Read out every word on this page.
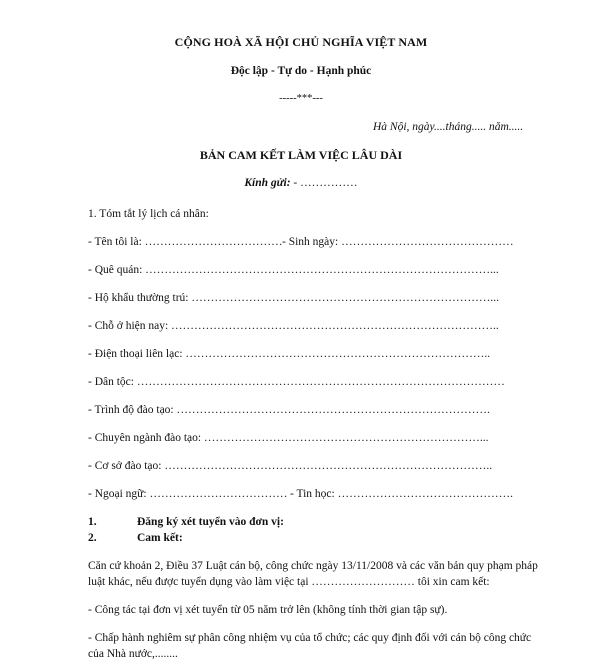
CỘNG HOÀ XÃ HỘI CHỦ NGHĨA VIỆT NAM
Độc lập - Tự do - Hạnh phúc
-----***---
Hà Nội, ngày....tháng..... năm.....
BẢN CAM KẾT LÀM VIỆC LÂU DÀI
Kính gửi: - ……………
1. Tóm tắt lý lịch cá nhân:
- Tên tôi là: ……………………………… - Sinh ngày: ………………………………………
- Quê quán: ………………………………………………………………………………...
- Hộ khẩu thường trú: ……………………………………………………………………...
- Chỗ ở hiện nay: …………………………………………………………………………..
- Điện thoại liên lạc: ……………………………………………………………………..
- Dân tộc: ……………………………………………………………………………………
- Trình độ đào tạo: ……………………………………………………………………….
- Chuyên ngành đào tạo: ………………………………………………………………...
- Cơ sở đào tạo: …………………………………………………………………………..
- Ngoại ngữ: ……………………………… - Tin học: ……………………………………….
1.	Đăng ký xét tuyển vào đơn vị:
2.	Cam kết:
Căn cứ khoản 2, Điều 37 Luật cán bộ, công chức ngày 13/11/2008 và các văn bản quy phạm pháp
luật khác, nếu được tuyển dụng vào làm việc tại ……………………… tôi xin cam kết:
- Công tác tại đơn vị xét tuyển từ 05 năm trở lên (không tính thời gian tập sự).
- Chấp hành nghiêm sự phân công nhiệm vụ của tổ chức; các quy định đối với cán bộ công chức
của Nhà nước,........
